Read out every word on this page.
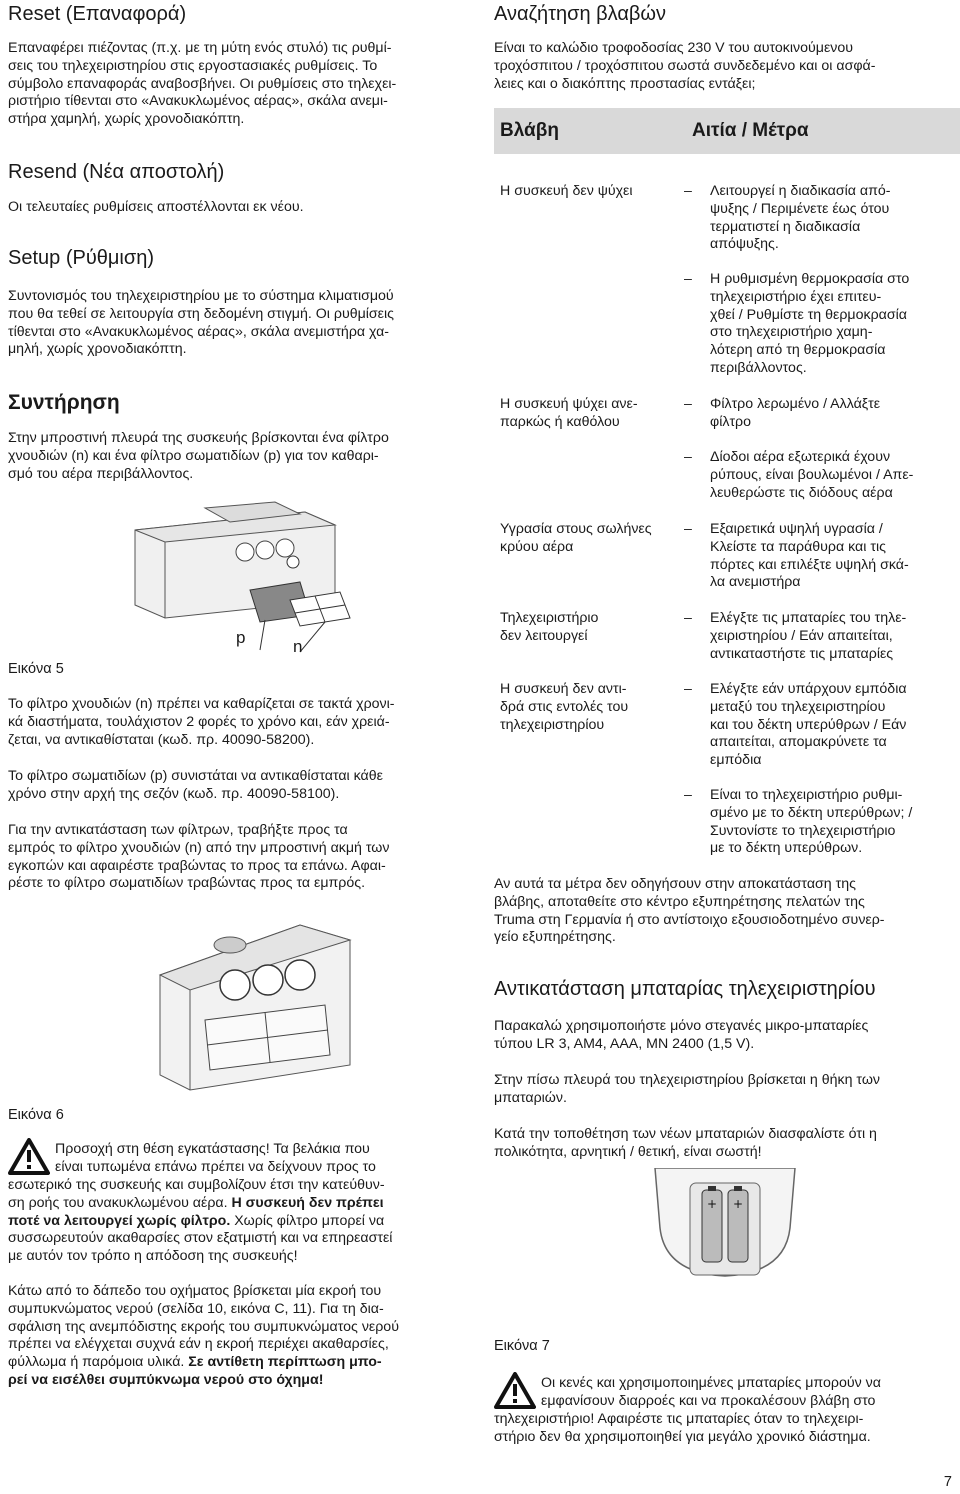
Reset (Επαναφορά)
Επαναφέρει πιέζοντας (π.χ. με τη μύτη ενός στυλό) τις ρυθμί-
σεις του τηλεχειριστηρίου στις εργοστασιακές ρυθμίσεις. Το
σύμβολο επαναφοράς αναβοσβήνει. Οι ρυθμίσεις στο τηλεχει-
ριστήριο τίθενται στο «Ανακυκλωμένος αέρας», σκάλα ανεμι-
στήρα χαμηλή, χωρίς χρονοδιακόπτη.
Resend (Νέα αποστολή)
Οι τελευταίες ρυθμίσεις αποστέλλονται εκ νέου.
Setup (Ρύθμιση)
Συντονισμός του τηλεχειριστηρίου με το σύστημα κλιματισμού
που θα τεθεί σε λειτουργία στη δεδομένη στιγμή. Οι ρυθμίσεις
τίθενται στο «Ανακυκλωμένος αέρας», σκάλα ανεμιστήρα χα-
μηλή, χωρίς χρονοδιακόπτη.
Συντήρηση
Στην μπροστινή πλευρά της συσκευής βρίσκονται ένα φίλτρο
χνουδιών (n) και ένα φίλτρο σωματιδίων (p) για τον καθαρι-
σμό του αέρα περιβάλλοντος.
p	n
Εικόνα 5
Το φίλτρο χνουδιών (n) πρέπει να καθαρίζεται σε τακτά χρονι-
κά διαστήματα, τουλάχιστον 2 φορές το χρόνο και, εάν χρειά-
ζεται, να αντικαθίσταται (κωδ. πρ. 40090-58200).
Το φίλτρο σωματιδίων (p) συνιστάται να αντικαθίσταται κάθε
χρόνο στην αρχή της σεζόν (κωδ. πρ. 40090-58100).
Για την αντικατάσταση των φίλτρων, τραβήξτε προς τα
εμπρός το φίλτρο χνουδιών (n) από την μπροστινή ακμή των
εγκοπών και αφαιρέστε τραβώντας το προς τα επάνω. Αφαι-
ρέστε το φίλτρο σωματιδίων τραβώντας προς τα εμπρός.
Εικόνα 6
Προσοχή στη θέση εγκατάστασης! Τα βελάκια που
είναι τυπωμένα επάνω πρέπει να δείχνουν προς το
εσωτερικό της συσκευής και συμβολίζουν έτσι την κατεύθυν-
ση ροής του ανακυκλωμένου αέρα. Η συσκευή δεν πρέπει
ποτέ να λειτουργεί χωρίς φίλτρο. Χωρίς φίλτρο μπορεί να
συσσωρευτούν ακαθαρσίες στον εξατμιστή και να επηρεαστεί
με αυτόν τον τρόπο η απόδοση της συσκευής!
Κάτω από το δάπεδο του οχήματος βρίσκεται μία εκροή του
συμπυκνώματος νερού (σελίδα 10, εικόνα C, 11). Για τη δια-
σφάλιση της ανεμπόδιστης εκροής του συμπυκνώματος νερού
πρέπει να ελέγχεται συχνά εάν η εκροή περιέχει ακαθαρσίες,
φύλλωμα ή παρόμοια υλικά. Σε αντίθετη περίπτωση μπο-
ρεί να εισέλθει συμπύκνωμα νερού στο όχημα!
Αναζήτηση βλαβών
Είναι το καλώδιο τροφοδοσίας 230 V του αυτοκινούμενου
τροχόσπιτου / τροχόσπιτου σωστά συνδεδεμένο και οι ασφά-
λειες και ο διακόπτης προστασίας εντάξει;
Βλάβη	Αιτία / Μέτρα
Η συσκευή δεν ψύχει	– Λειτουργεί η διαδικασία από-
ψυξης / Περιμένετε έως ότου
τερματιστεί η διαδικασία
απόψυξης.
– Η ρυθμισμένη θερμοκρασία στο
τηλεχειριστήριο έχει επιτευ-
χθεί / Ρυθμίστε τη θερμοκρασία
στο τηλεχειριστήριο χαμη-
λότερη από τη θερμοκρασία
περιβάλλοντος.
Η συσκευή ψύχει ανε-
παρκώς ή καθόλου
– Φίλτρο λερωμένο / Αλλάξτε
φίλτρο
– Δίοδοι αέρα εξωτερικά έχουν
ρύπους, είναι βουλωμένοι / Απε-
λευθερώστε τις διόδους αέρα
Υγρασία στους σωλήνες
κρύου αέρα
– Εξαιρετικά υψηλή υγρασία /
Κλείστε τα παράθυρα και τις
πόρτες και επιλέξτε υψηλή σκά-
λα ανεμιστήρα
Τηλεχειριστήριο
δεν λειτουργεί
– Ελέγξτε τις μπαταρίες του τηλε-
χειριστηρίου / Εάν απαιτείται,
αντικαταστήστε τις μπαταρίες
Η συσκευή δεν αντι-
δρά στις εντολές του
τηλεχειριστηρίου
– Ελέγξτε εάν υπάρχουν εμπόδια
μεταξύ του τηλεχειριστηρίου
και του δέκτη υπερύθρων / Εάν
απαιτείται, απομακρύνετε τα
εμπόδια
– Είναι το τηλεχειριστήριο ρυθμι-
σμένο με το δέκτη υπερύθρων; /
Συντονίστε το τηλεχειριστήριο
με το δέκτη υπερύθρων.
Αν αυτά τα μέτρα δεν οδηγήσουν στην αποκατάσταση της
βλάβης, αποταθείτε στο κέντρο εξυπηρέτησης πελατών της
Truma στη Γερμανία ή στο αντίστοιχο εξουσιοδοτημένο συνερ-
γείο εξυπηρέτησης.
Αντικατάσταση μπαταρίας τηλεχειριστηρίου
Παρακαλώ χρησιμοποιήστε μόνο στεγανές μικρο-μπαταρίες
τύπου LR 3, AM4, AAA, MN 2400 (1,5 V).
Στην πίσω πλευρά του τηλεχειριστηρίου βρίσκεται η θήκη των
μπαταριών.
Κατά την τοποθέτηση των νέων μπαταριών διασφαλίστε ότι η
πολικότητα, αρνητική / θετική, είναι σωστή!
+ +
Εικόνα 7
Οι κενές και χρησιμοποιημένες μπαταρίες μπορούν να
εμφανίσουν διαρροές και να προκαλέσουν βλάβη στο
τηλεχειριστήριο! Αφαιρέστε τις μπαταρίες όταν το τηλεχειρι-
στήριο δεν θα χρησιμοποιηθεί για μεγάλο χρονικό διάστημα.
7
